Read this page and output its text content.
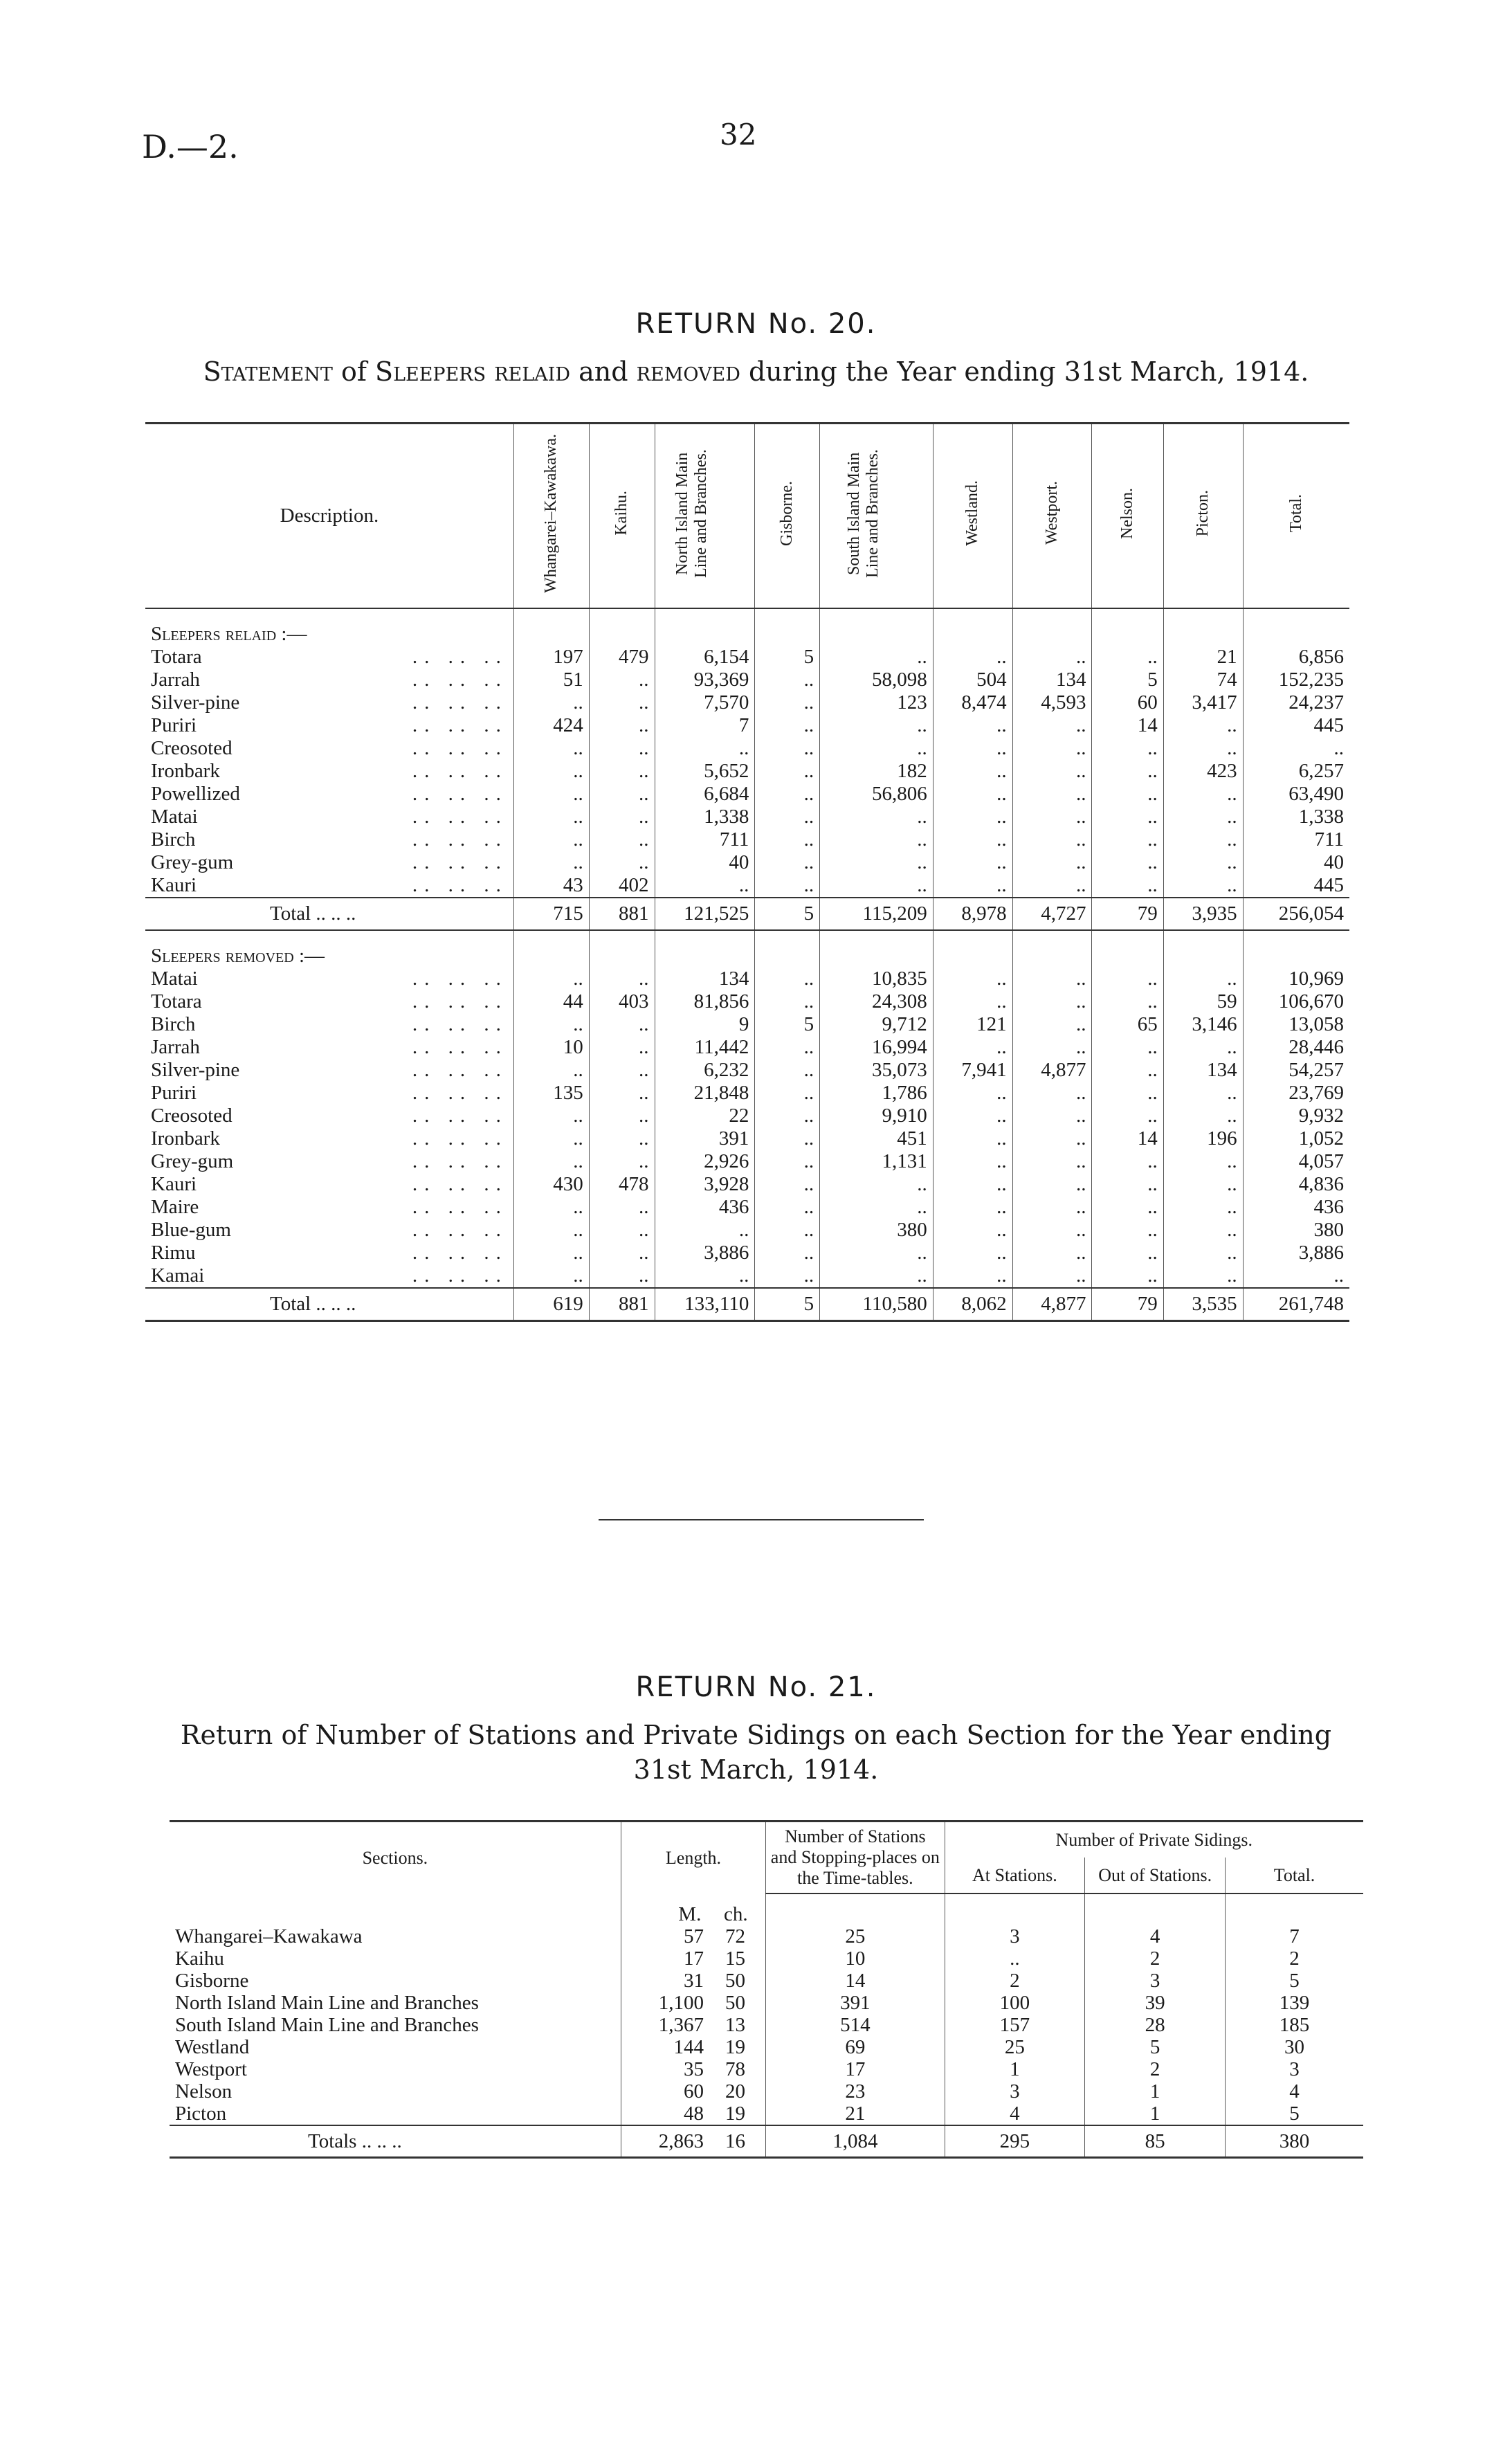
D.—2.	32
RETURN No. 20.
Statement of Sleepers relaid and removed during the Year ending 31st March, 1914.
Description.	Whangarei–Kawakawa.	Kaihu.	North Island Main Line and Branches.	Gisborne.	South Island Main Line and Branches.	Westland.	Westport.	Nelson.	Picton.	Total.
Sleepers relaid :—										
Totara .. .. ..	197	479	6,154	5	..	..	..	..	21	6,856
Jarrah .. .. ..	51	..	93,369	..	58,098	504	134	5	74	152,235
Silver-pine .. .. ..	..	..	7,570	..	123	8,474	4,593	60	3,417	24,237
Puriri .. .. ..	424	..	7	..	..	..	..	14	..	445
Creosoted .. .. ..	..	..	..	..	..	..	..	..	..	..
Ironbark .. .. ..	..	..	5,652	..	182	..	..	..	423	6,257
Powellized .. .. ..	..	..	6,684	..	56,806	..	..	..	..	63,490
Matai .. .. ..	..	..	1,338	..	..	..	..	..	..	1,338
Birch .. .. ..	..	..	711	..	..	..	..	..	..	711
Grey-gum .. .. ..	..	..	40	..	..	..	..	..	..	40
Kauri .. .. ..	43	402	..	..	..	..	..	..	..	445
Total .. .. ..	715	881	121,525	5	115,209	8,978	4,727	79	3,935	256,054
Sleepers removed :—										
Matai .. .. ..	..	..	134	..	10,835	..	..	..	..	10,969
Totara .. .. ..	44	403	81,856	..	24,308	..	..	..	59	106,670
Birch .. .. ..	..	..	9	5	9,712	121	..	65	3,146	13,058
Jarrah .. .. ..	10	..	11,442	..	16,994	..	..	..	..	28,446
Silver-pine .. .. ..	..	..	6,232	..	35,073	7,941	4,877	..	134	54,257
Puriri .. .. ..	135	..	21,848	..	1,786	..	..	..	..	23,769
Creosoted .. .. ..	..	..	22	..	9,910	..	..	..	..	9,932
Ironbark .. .. ..	..	..	391	..	451	..	..	14	196	1,052
Grey-gum .. .. ..	..	..	2,926	..	1,131	..	..	..	..	4,057
Kauri .. .. ..	430	478	3,928	..	..	..	..	..	..	4,836
Maire .. .. ..	..	..	436	..	..	..	..	..	..	436
Blue-gum .. .. ..	..	..	..	..	380	..	..	..	..	380
Rimu .. .. ..	..	..	3,886	..	..	..	..	..	..	3,886
Kamai .. .. ..	..	..	..	..	..	..	..	..	..	..
Total .. .. ..	619	881	133,110	5	110,580	8,062	4,877	79	3,535	261,748
RETURN No. 21.
Return of Number of Stations and Private Sidings on each Section for the Year ending
31st March, 1914.
Sections.	Length.	Number of Stations and Stopping-places on the Time-tables.	Number of Private Sidings.		
			At Stations.	Out of Stations.	Total.
	M. ch.				
Whangarei–Kawakawa	57 72	25	3	4	7
Kaihu	17 15	10	..	2	2
Gisborne	31 50	14	2	3	5
North Island Main Line and Branches	1,100 50	391	100	39	139
South Island Main Line and Branches	1,367 13	514	157	28	185
Westland	144 19	69	25	5	30
Westport	35 78	17	1	2	3
Nelson	60 20	23	3	1	4
Picton	48 19	21	4	1	5
Totals .. .. ..	2,863 16	1,084	295	85	380
